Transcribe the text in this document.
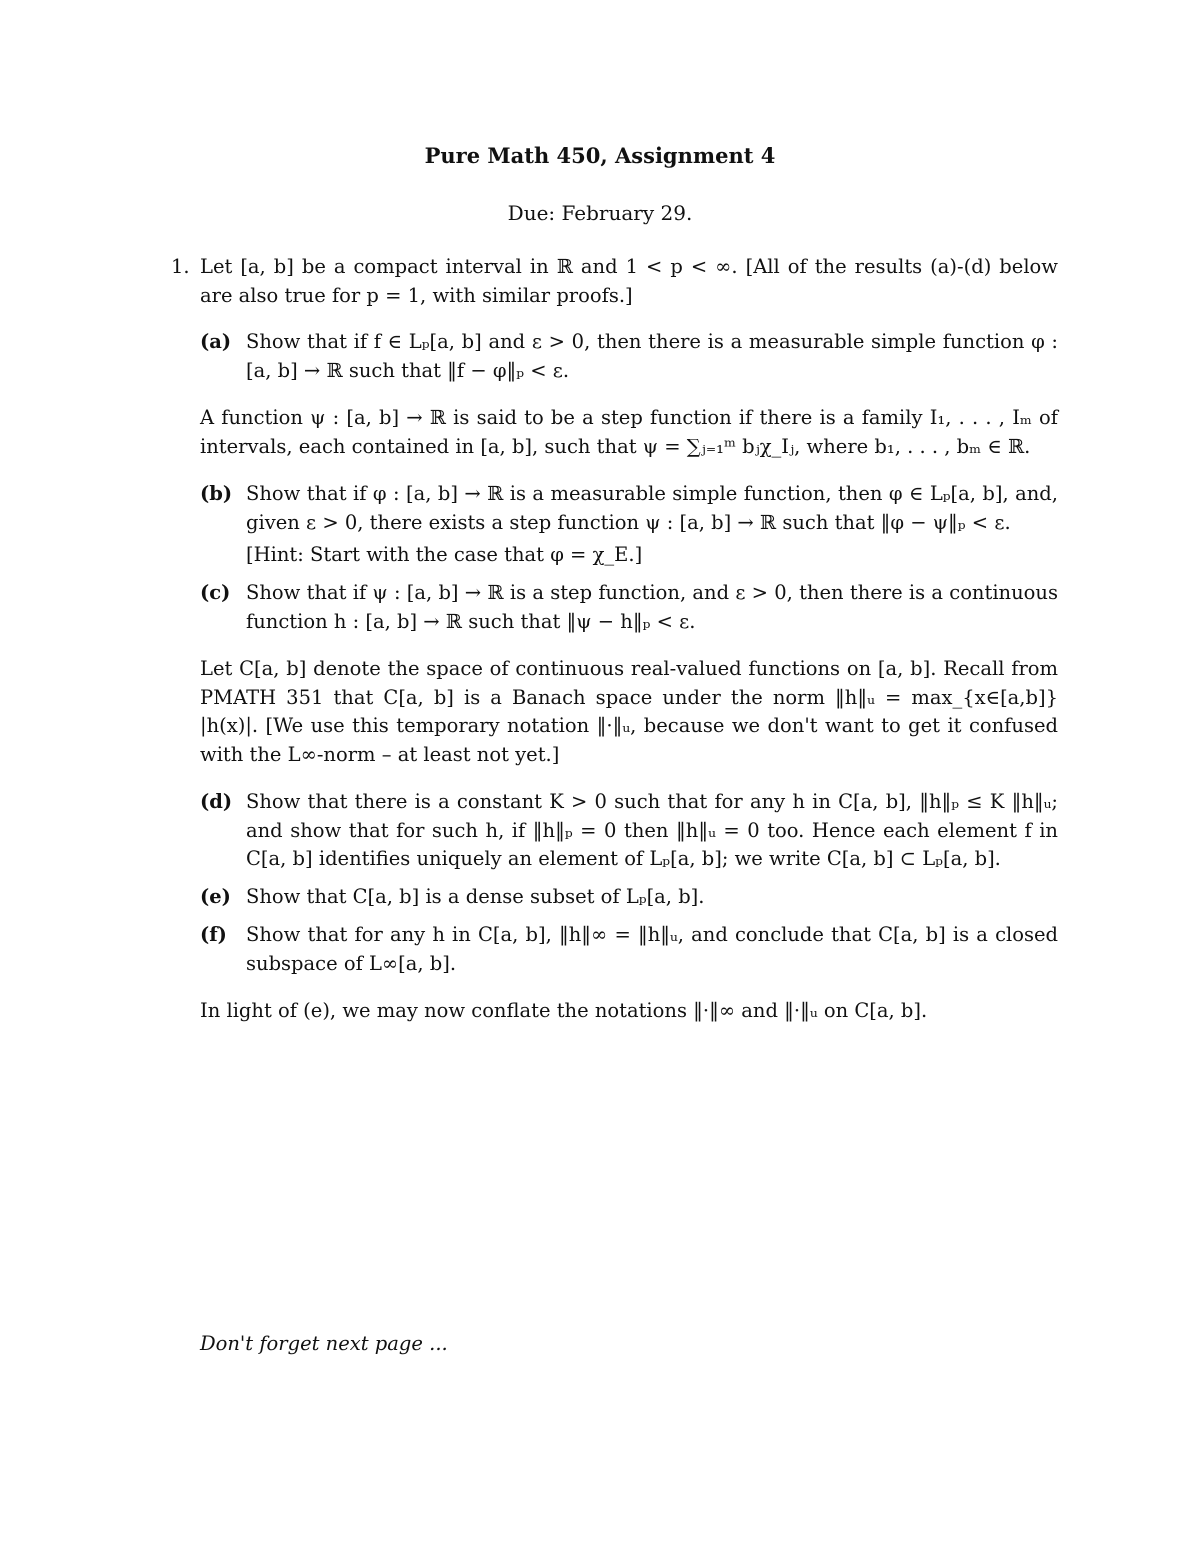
Pure Math 450, Assignment 4
Due: February 29.
1. Let [a, b] be a compact interval in ℝ and 1 < p < ∞. [All of the results (a)-(d) below are also true for p = 1, with similar proofs.]
(a) Show that if f ∈ Lₚ[a, b] and ε > 0, then there is a measurable simple function φ : [a, b] → ℝ such that ‖f − φ‖ₚ < ε.
A function ψ : [a, b] → ℝ is said to be a step function if there is a family I₁, . . . , Iₘ of intervals, each contained in [a, b], such that ψ = ∑ⱼ₌₁ᵐ bⱼχ_Iⱼ, where b₁, . . . , bₘ ∈ ℝ.
(b) Show that if φ : [a, b] → ℝ is a measurable simple function, then φ ∈ Lₚ[a, b], and, given ε > 0, there exists a step function ψ : [a, b] → ℝ such that ‖φ − ψ‖ₚ < ε.
[Hint: Start with the case that φ = χ_E.]
(c) Show that if ψ : [a, b] → ℝ is a step function, and ε > 0, then there is a continuous function h : [a, b] → ℝ such that ‖ψ − h‖ₚ < ε.
Let C[a, b] denote the space of continuous real-valued functions on [a, b]. Recall from PMATH 351 that C[a, b] is a Banach space under the norm ‖h‖ᵤ = max_{x∈[a,b]} |h(x)|. [We use this temporary notation ‖·‖ᵤ, because we don't want to get it confused with the L∞-norm – at least not yet.]
(d) Show that there is a constant K > 0 such that for any h in C[a, b], ‖h‖ₚ ≤ K ‖h‖ᵤ; and show that for such h, if ‖h‖ₚ = 0 then ‖h‖ᵤ = 0 too. Hence each element f in C[a, b] identifies uniquely an element of Lₚ[a, b]; we write C[a, b] ⊂ Lₚ[a, b].
(e) Show that C[a, b] is a dense subset of Lₚ[a, b].
(f) Show that for any h in C[a, b], ‖h‖∞ = ‖h‖ᵤ, and conclude that C[a, b] is a closed subspace of L∞[a, b].
In light of (e), we may now conflate the notations ‖·‖∞ and ‖·‖ᵤ on C[a, b].
Don't forget next page ...
